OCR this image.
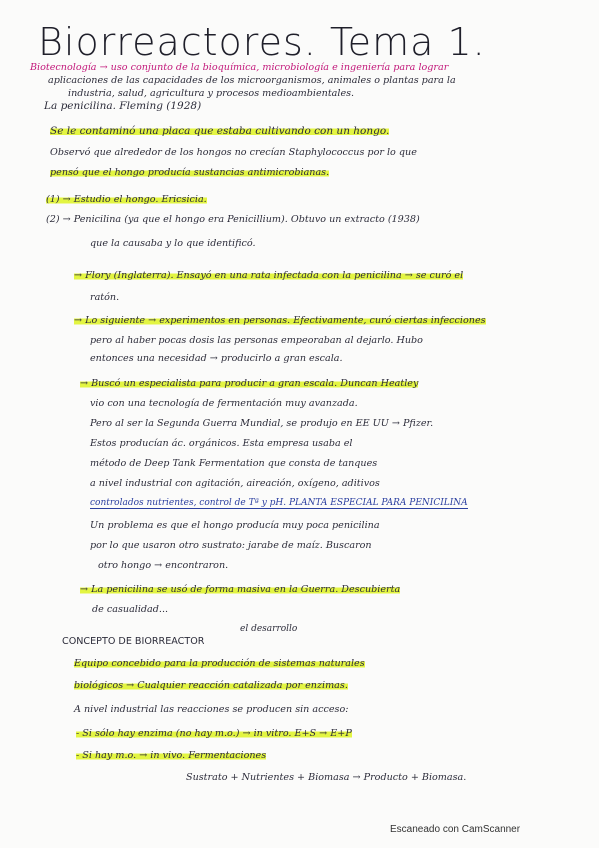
Biorreactores. Tema 1.
Biotecnología → uso conjunto de la bioquímica, microbiología e ingeniería para lograr
aplicaciones de las capacidades de los microorganismos, animales o plantas para la
industria, salud, agricultura y procesos medioambientales.
La penicilina. Fleming (1928)
Se le contaminó una placa que estaba cultivando con un hongo.
Observó que alrededor de los hongos no crecían Staphylococcus por lo que
pensó que el hongo producía sustancias antimicrobianas.
(1) → Estudio el hongo. Ericsicia.
(2) → Penicilina (ya que el hongo era Penicillium). Obtuvo un extracto (1938)
que la causaba y lo que identificó.
→ Flory (Inglaterra). Ensayó en una rata infectada con la penicilina → se curó el
ratón.
→ Lo siguiente → experimentos en personas. Efectivamente, curó ciertas infecciones
pero al haber pocas dosis las personas empeoraban al dejarlo. Hubo
entonces una necesidad → producirlo a gran escala.
→ Buscó un especialista para producir a gran escala. Duncan Heatley
vio con una tecnología de fermentación muy avanzada.
Pero al ser la Segunda Guerra Mundial, se produjo en EE UU → Pfizer.
Estos producían ác. orgánicos. Esta empresa usaba el
método de Deep Tank Fermentation que consta de tanques
a nivel industrial con agitación, aireación, oxígeno, aditivos
controlados nutrientes, control de Tª y pH. PLANTA ESPECIAL PARA PENICILINA
Un problema es que el hongo producía muy poca penicilina
por lo que usaron otro sustrato: jarabe de maíz. Buscaron
otro hongo → encontraron.
→ La penicilina se usó de forma masiva en la Guerra. Descubierta
de casualidad...
CONCEPTO DE BIORREACTOR
el desarrollo
Equipo concebido para la producción de sistemas naturales
biológicos → Cualquier reacción catalizada por enzimas.
A nivel industrial las reacciones se producen sin acceso:
- Si sólo hay enzima (no hay m.o.) → in vitro. E+S → E+P
- Si hay m.o. → in vivo. Fermentaciones
Sustrato + Nutrientes + Biomasa → Producto + Biomasa.
Escaneado con CamScanner
